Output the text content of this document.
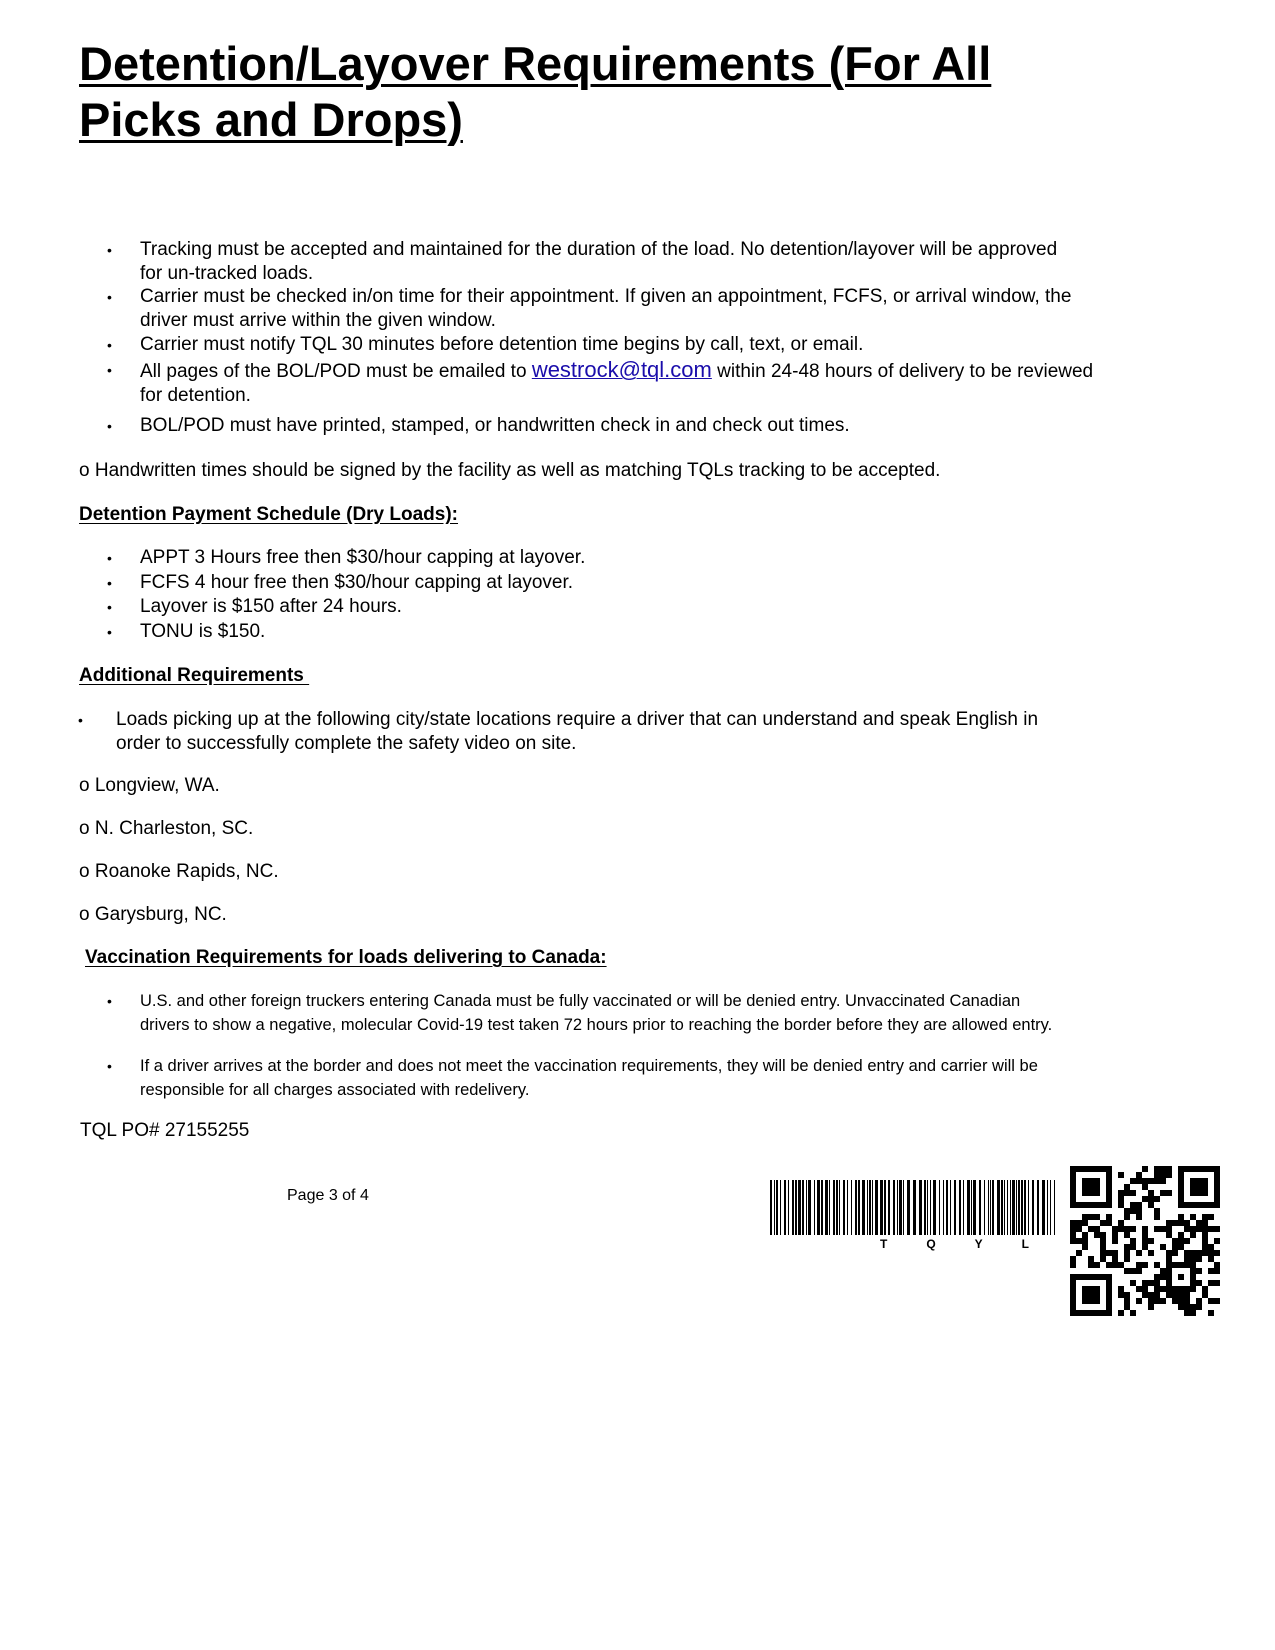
Detention/Layover Requirements (For All Picks and Drops)
• Tracking must be accepted and maintained for the duration of the load. No detention/layover will be approved for un-tracked loads.
• Carrier must be checked in/on time for their appointment. If given an appointment, FCFS, or arrival window, the driver must arrive within the given window.
• Carrier must notify TQL 30 minutes before detention time begins by call, text, or email.
• All pages of the BOL/POD must be emailed to westrock@tql.com within 24-48 hours of delivery to be reviewed for detention.
• BOL/POD must have printed, stamped, or handwritten check in and check out times.
o Handwritten times should be signed by the facility as well as matching TQLs tracking to be accepted.
Detention Payment Schedule (Dry Loads):
• APPT 3 Hours free then $30/hour capping at layover.
• FCFS 4 hour free then $30/hour capping at layover.
• Layover is $150 after 24 hours.
• TONU is $150.
Additional Requirements
• Loads picking up at the following city/state locations require a driver that can understand and speak English in order to successfully complete the safety video on site.
o Longview, WA.
o N. Charleston, SC.
o Roanoke Rapids, NC.
o Garysburg, NC.
Vaccination Requirements for loads delivering to Canada:
• U.S. and other foreign truckers entering Canada must be fully vaccinated or will be denied entry. Unvaccinated Canadian drivers to show a negative, molecular Covid-19 test taken 72 hours prior to reaching the border before they are allowed entry.
• If a driver arrives at the border and does not meet the vaccination requirements, they will be denied entry and carrier will be responsible for all charges associated with redelivery.
TQL PO# 27155255
Page 3 of 4
T	Q	Y	L
